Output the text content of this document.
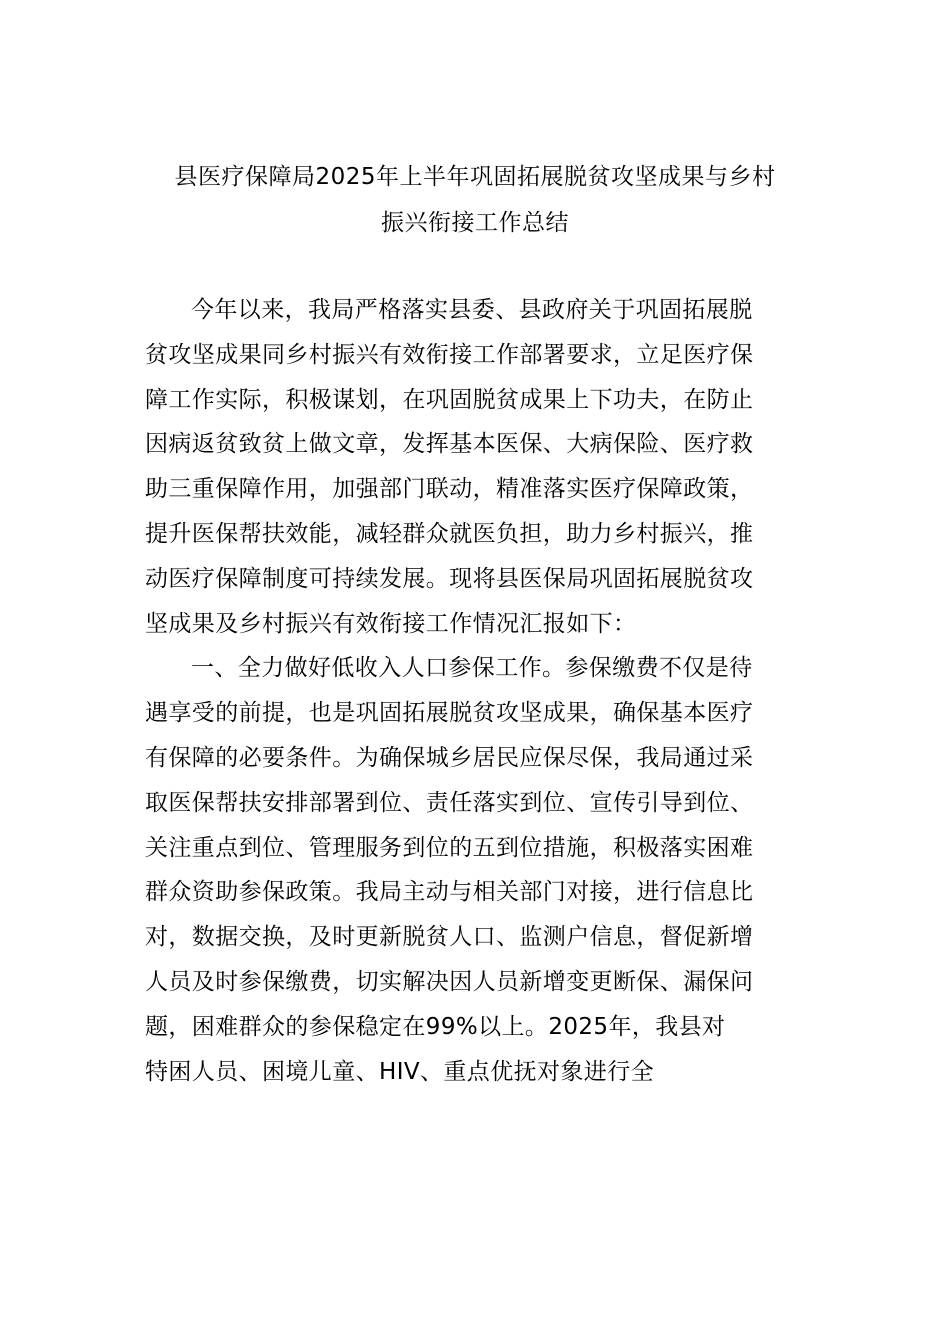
县医疗保障局2025年上半年巩固拓展脱贫攻坚成果与乡村
振兴衔接工作总结
今年以来，我局严格落实县委、县政府关于巩固拓展脱
贫攻坚成果同乡村振兴有效衔接工作部署要求，立足医疗保
障工作实际，积极谋划，在巩固脱贫成果上下功夫，在防止
因病返贫致贫上做文章，发挥基本医保、大病保险、医疗救
助三重保障作用，加强部门联动，精准落实医疗保障政策，
提升医保帮扶效能，减轻群众就医负担，助力乡村振兴，推
动医疗保障制度可持续发展。现将县医保局巩固拓展脱贫攻
坚成果及乡村振兴有效衔接工作情况汇报如下：
一、全力做好低收入人口参保工作。参保缴费不仅是待
遇享受的前提，也是巩固拓展脱贫攻坚成果，确保基本医疗
有保障的必要条件。为确保城乡居民应保尽保，我局通过采
取医保帮扶安排部署到位、责任落实到位、宣传引导到位、
关注重点到位、管理服务到位的五到位措施，积极落实困难
群众资助参保政策。我局主动与相关部门对接，进行信息比
对，数据交换，及时更新脱贫人口、监测户信息，督促新增
人员及时参保缴费，切实解决因人员新增变更断保、漏保问
题，困难群众的参保稳定在99%以上。2025年，我县对
特困人员、困境儿童、HIV、重点优抚对象进行全
